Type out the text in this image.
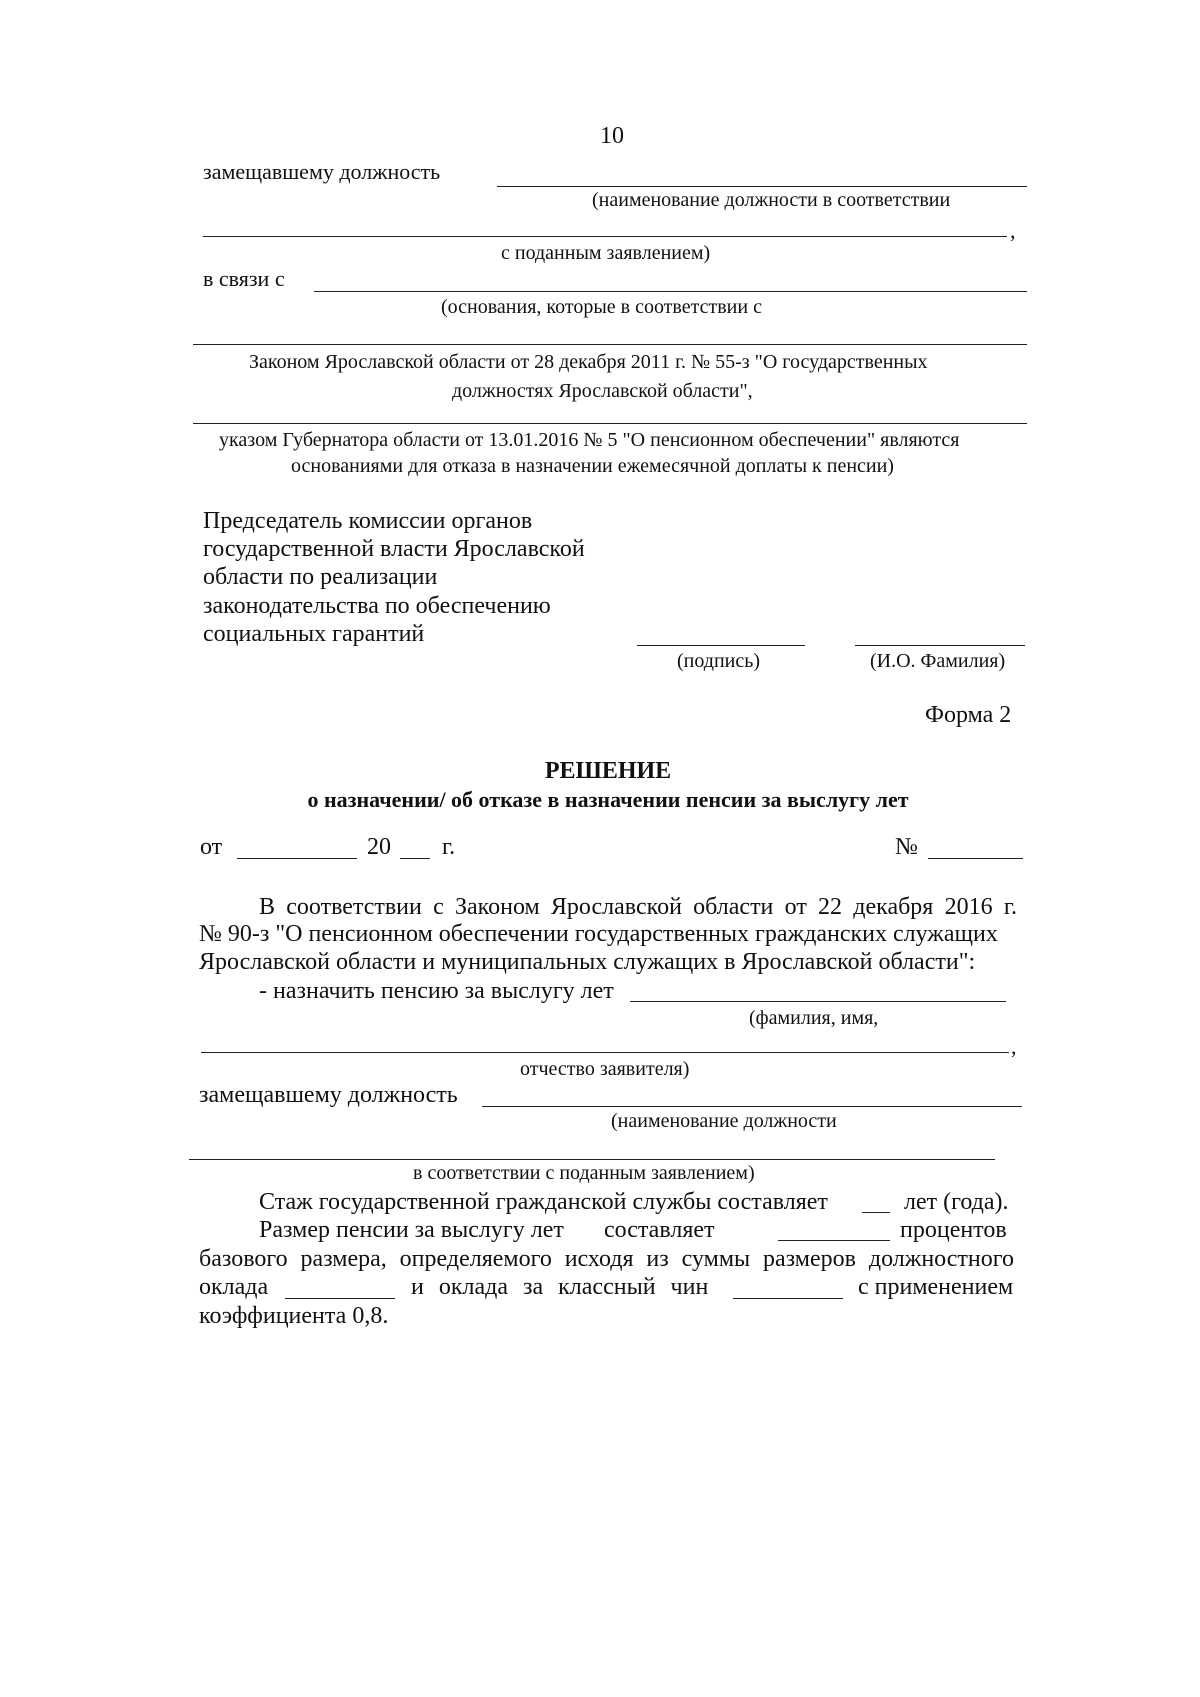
10
замещавшему должность
(наименование должности в соответствии
,
с поданным заявлением)
в связи с
(основания, которые в соответствии с
Законом Ярославской области от 28 декабря 2011 г. № 55-з "О государственных
должностях Ярославской области",
указом Губернатора области от 13.01.2016 № 5 "О пенсионном обеспечении" являются
основаниями для отказа в назначении ежемесячной доплаты к пенсии)
Председатель комиссии органов
государственной власти Ярославской
области по реализации
законодательства по обеспечению
социальных гарантий
(подпись)	(И.О. Фамилия)
Форма 2
РЕШЕНИЕ
о назначении/ об отказе в назначении пенсии за выслугу лет
от	20 г.	№
В соответствии с Законом Ярославской области от 22 декабря 2016 г.
№ 90-з "О пенсионном обеспечении государственных гражданских служащих
Ярославской области и муниципальных служащих в Ярославской области":
- назначить пенсию за выслугу лет
(фамилия, имя,
,
отчество заявителя)
замещавшему должность
(наименование должности
в соответствии с поданным заявлением)
Стаж государственной гражданской службы составляет	лет (года).
Размер пенсии за выслугу лет составляет	процентов
базового размера, определяемого исходя из суммы размеров должностного
оклада	и оклада за классный чин	с применением
коэффициента 0,8.
